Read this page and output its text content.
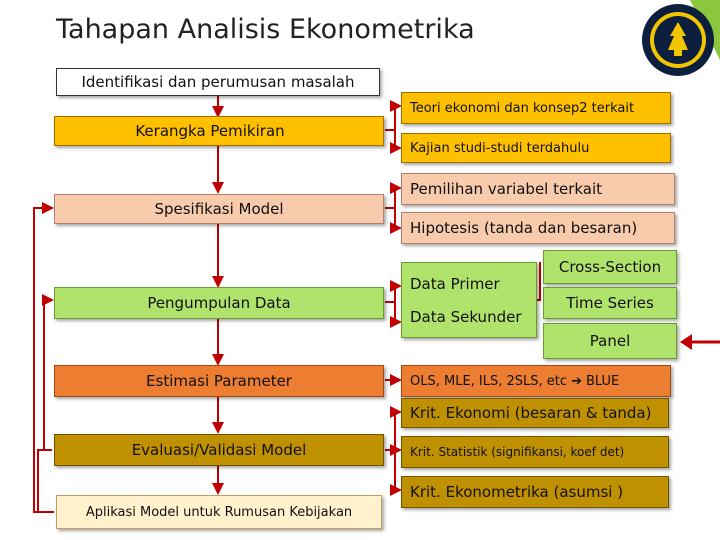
Tahapan Analisis Ekonometrika
Identifikasi dan perumusan masalah
Kerangka Pemikiran
Spesifikasi Model
Pengumpulan Data
Estimasi Parameter
Evaluasi/Validasi Model
Aplikasi Model untuk Rumusan Kebijakan
Teori ekonomi dan konsep2 terkait
Kajian studi-studi terdahulu
Pemilihan variabel terkait
Hipotesis (tanda dan besaran)
Data Primer
Data Sekunder
Cross-Section
Time Series
Panel
OLS, MLE, ILS, 2SLS, etc ➔ BLUE
Krit. Ekonomi (besaran & tanda)
Krit. Statistik (signifikansi, koef det)
Krit. Ekonometrika (asumsi )
